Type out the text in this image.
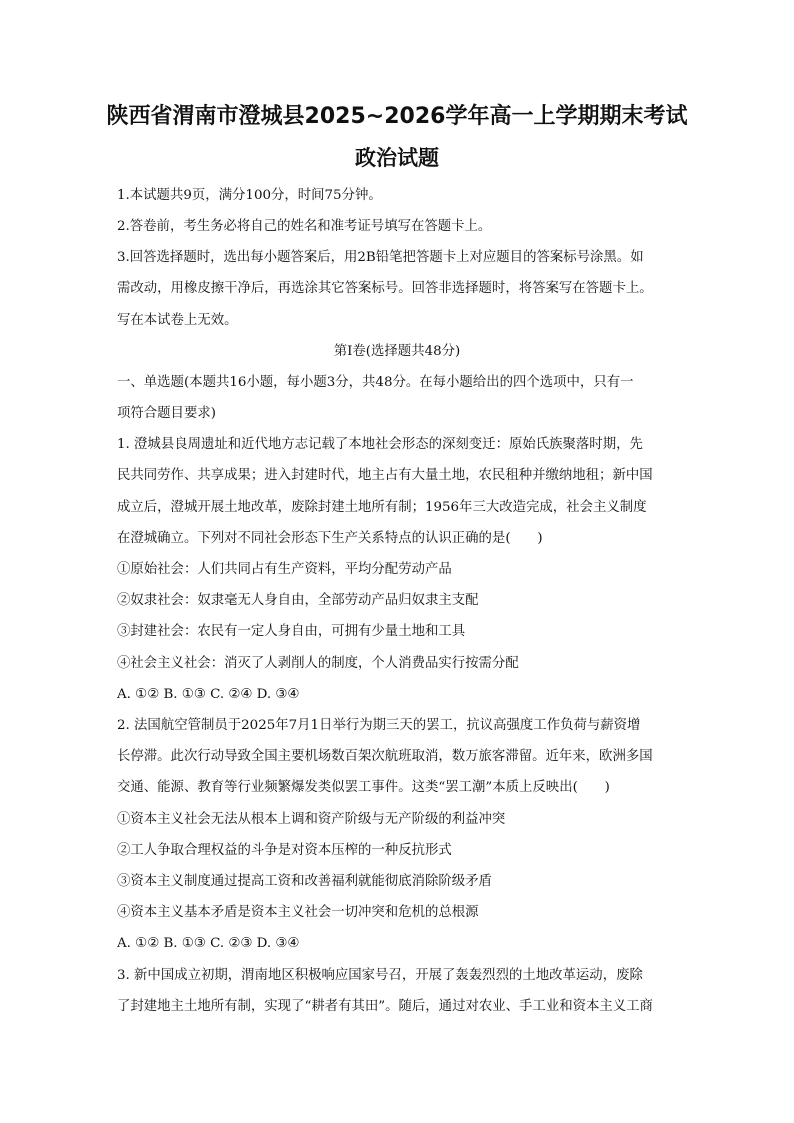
陕西省渭南市澄城县2025~2026学年高一上学期期末考试
政治试题
1.本试题共9页，满分100分，时间75分钟。
2.答卷前，考生务必将自己的姓名和准考证号填写在答题卡上。
3.回答选择题时，选出每小题答案后，用2B铅笔把答题卡上对应题目的答案标号涂黑。如
需改动，用橡皮擦干净后，再选涂其它答案标号。回答非选择题时，将答案写在答题卡上。
写在本试卷上无效。
第Ⅰ卷(选择题共48分)
一、单选题(本题共16小题，每小题3分，共48分。在每小题给出的四个选项中，只有一
项符合题目要求)
1. 澄城县良周遗址和近代地方志记载了本地社会形态的深刻变迁：原始氏族聚落时期，先
民共同劳作、共享成果；进入封建时代，地主占有大量土地，农民租种并缴纳地租；新中国
成立后，澄城开展土地改革，废除封建土地所有制；1956年三大改造完成，社会主义制度
在澄城确立。下列对不同社会形态下生产关系特点的认识正确的是(　　)
①原始社会：人们共同占有生产资料，平均分配劳动产品
②奴隶社会：奴隶毫无人身自由，全部劳动产品归奴隶主支配
③封建社会：农民有一定人身自由，可拥有少量土地和工具
④社会主义社会：消灭了人剥削人的制度，个人消费品实行按需分配
A. ①② B. ①③ C. ②④ D. ③④
2. 法国航空管制员于2025年7月1日举行为期三天的罢工，抗议高强度工作负荷与薪资增
长停滞。此次行动导致全国主要机场数百架次航班取消，数万旅客滞留。近年来，欧洲多国
交通、能源、教育等行业频繁爆发类似罢工事件。这类“罢工潮”本质上反映出(　　)
①资本主义社会无法从根本上调和资产阶级与无产阶级的利益冲突
②工人争取合理权益的斗争是对资本压榨的一种反抗形式
③资本主义制度通过提高工资和改善福利就能彻底消除阶级矛盾
④资本主义基本矛盾是资本主义社会一切冲突和危机的总根源
A. ①② B. ①③ C. ②③ D. ③④
3. 新中国成立初期，渭南地区积极响应国家号召，开展了轰轰烈烈的土地改革运动，废除
了封建地主土地所有制，实现了“耕者有其田”。随后，通过对农业、手工业和资本主义工商
